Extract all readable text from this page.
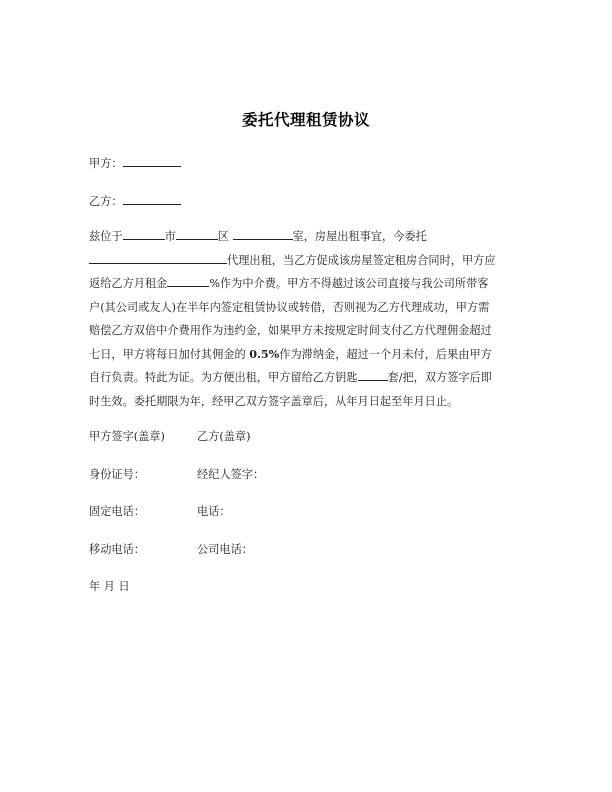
委托代理租赁协议
甲方：
乙方：
兹位于	市	区	室，房屋出租事宜，今委托
代理出租，当乙方促成该房屋签定租房合同时，甲方应
返给乙方月租金	%作为中介费。甲方不得越过该公司直接与我公司所带客
户(其公司或友人)在半年内签定租赁协议或转借，否则视为乙方代理成功，甲方需
赔偿乙方双倍中介费用作为违约金，如果甲方未按规定时间支付乙方代理佣金超过
七日，甲方将每日加付其佣金的 0.5%作为滞纳金，超过一个月未付，后果由甲方
自行负责。特此为证。为方便出租，甲方留给乙方钥匙	套/把，双方签字后即
时生效。委托期限为年，经甲乙双方签字盖章后，从年月日起至年月日止。
甲方签字(盖章)	乙方(盖章)
身份证号：	经纪人签字：
固定电话：	电话：
移动电话：	公司电话：
年 月 日
